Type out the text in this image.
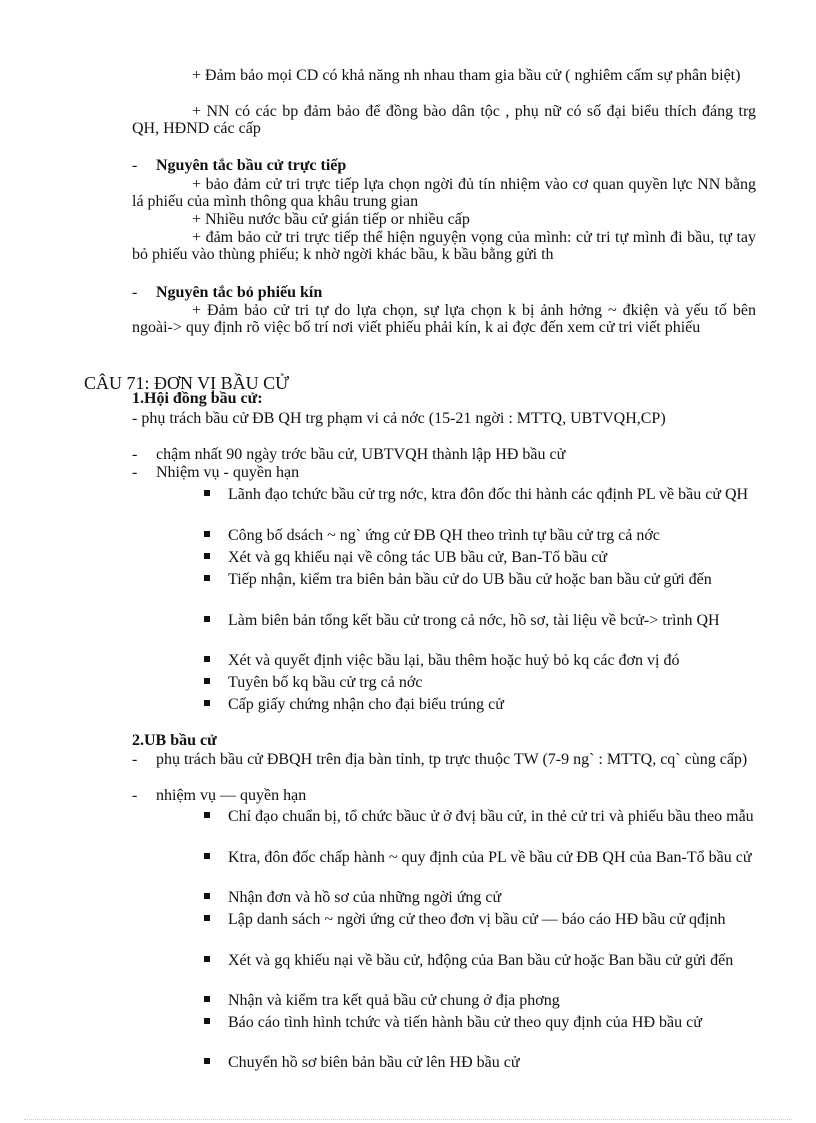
+ Đảm bảo mọi CD có khả năng nh nhau tham gia bầu cử ( nghiêm cấm sự phân biệt)
+ NN có các bp đảm bảo để đồng bào dân tộc , phụ nữ có số đại biểu thích đáng trg QH, HĐND các cấp
- Nguyên tắc bầu cử trực tiếp
+ bảo đảm cử tri trực tiếp lựa chọn ngời đủ tín nhiệm vào cơ quan quyền lực NN bằng lá phiếu của mình thông qua khâu trung gian
+ Nhiều nước bầu cử gián tiếp or nhiều cấp
+ đảm bảo cử tri trực tiếp thể hiện nguyện vọng của mình: cử tri tự mình đi bầu, tự tay bỏ phiếu vào thùng phiếu; k nhờ ngời khác bầu, k bầu bằng gửi th
- Nguyên tắc bỏ phiếu kín
+ Đảm bảo cử tri tự do lựa chọn, sự lựa chọn k bị ảnh hởng ~ đkiện và yếu tố bên ngoài-> quy định rõ việc bố trí nơi viết phiếu phải kín, k ai đợc đến xem cử tri viết phiếu
CÂU 71: ĐƠN VỊ BẦU CỬ
1.Hội đồng bầu cử:
- phụ trách bầu cử ĐB QH trg phạm vi cả nớc (15-21 ngời : MTTQ, UBTVQH,CP)
- chậm nhất 90 ngày trớc bầu cử, UBTVQH thành lập HĐ bầu cử
- Nhiệm vụ - quyền hạn
Lãnh đạo tchức bầu cử trg nớc, ktra đôn đốc thi hành các qđịnh PL về bầu cử QH
Công bố dsách ~ ng` ứng cử ĐB QH theo trình tự bầu cử trg cả nớc
Xét và gq khiếu nại về công tác UB bầu cử, Ban-Tổ bầu cử
Tiếp nhận, kiểm tra biên bản bầu cử do UB bầu cử hoặc ban bầu cử gửi đến
Làm biên bản tổng kết bầu cử trong cả nớc, hồ sơ, tài liệu về bcử-> trình QH
Xét và quyết định việc bầu lại, bầu thêm hoặc huỷ bỏ kq các đơn vị đó
Tuyên bố kq bầu cử trg cả nớc
Cấp giấy chứng nhận cho đại biểu trúng cử
2.UB bầu cử
- phụ trách bầu cử ĐBQH trên địa bàn tỉnh, tp trực thuộc TW (7-9 ng` : MTTQ, cq` cùng cấp)
- nhiệm vụ — quyền hạn
Chỉ đạo chuẩn bị, tổ chức bầuc ử ở đvị bầu cử, in thẻ cử tri và phiếu bầu theo mẫu
Ktra, đôn đốc chấp hành ~ quy định của PL về bầu cử ĐB QH của Ban-Tổ bầu cử
Nhận đơn và hồ sơ của những ngời ứng cử
Lập danh sách ~ ngời ứng cử theo đơn vị bầu cử — báo cáo HĐ bầu cử qđịnh
Xét và gq khiếu nại về bầu cử, hđộng của Ban bầu cử hoặc Ban bầu cử gửi đến
Nhận và kiểm tra kết quả bầu cử chung ở địa phơng
Báo cáo tình hình tchức và tiến hành bầu cử theo quy định của HĐ bầu cử
Chuyển hồ sơ biên bản bầu cử lên HĐ bầu cử
